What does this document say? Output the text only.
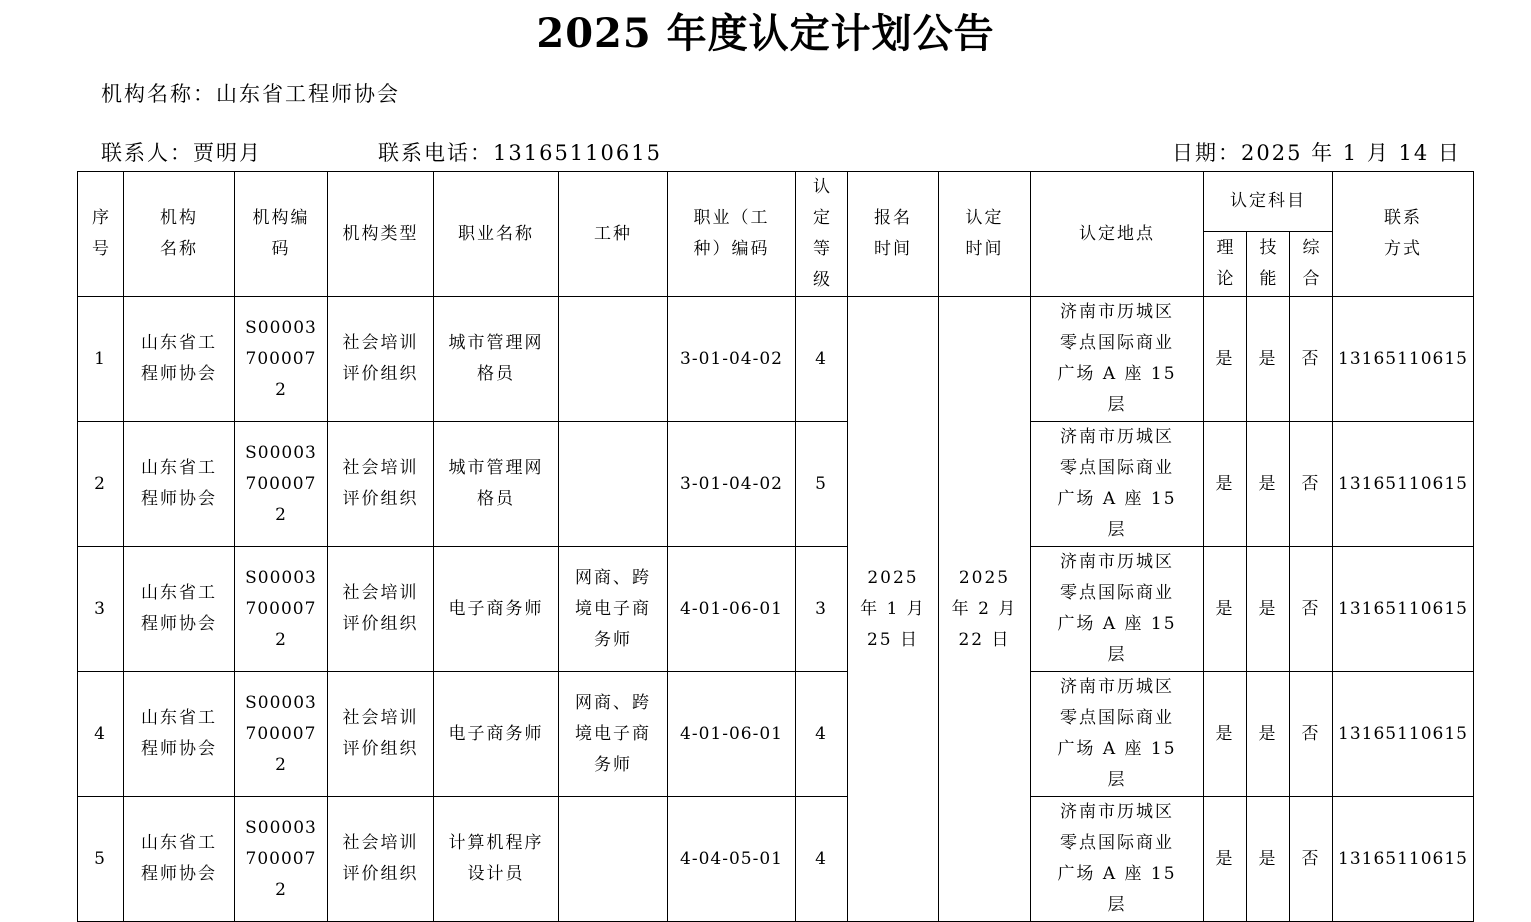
2025 年度认定计划公告
机构名称：山东省工程师协会
联系人：贾明月	联系电话：13165110615	日期：2025 年 1 月 14 日
序号	机构名称	机构编码	机构类型	职业名称	工种	职业（工种）编码	认定等级	报名时间	认定时间	认定地点	认定科目			联系方式

											理论	技能	综合	

1	山东省工程师协会	S000037000072	社会培训评价组织	城市管理网格员		3-01-04-02	4	2025 年 1 月 25 日	2025 年 2 月 22 日	济南市历城区零点国际商业广场 A 座 15 层	是	是	否	13165110615
2	山东省工程师协会	S000037000072	社会培训评价组织	城市管理网格员		3-01-04-02	5			济南市历城区零点国际商业广场 A 座 15 层	是	是	否	13165110615
3	山东省工程师协会	S000037000072	社会培训评价组织	电子商务师	网商、跨境电子商务师	4-01-06-01	3			济南市历城区零点国际商业广场 A 座 15 层	是	是	否	13165110615
4	山东省工程师协会	S000037000072	社会培训评价组织	电子商务师	网商、跨境电子商务师	4-01-06-01	4			济南市历城区零点国际商业广场 A 座 15 层	是	是	否	13165110615
5	山东省工程师协会	S000037000072	社会培训评价组织	计算机程序设计员		4-04-05-01	4			济南市历城区零点国际商业广场 A 座 15 层	是	是	否	13165110615
